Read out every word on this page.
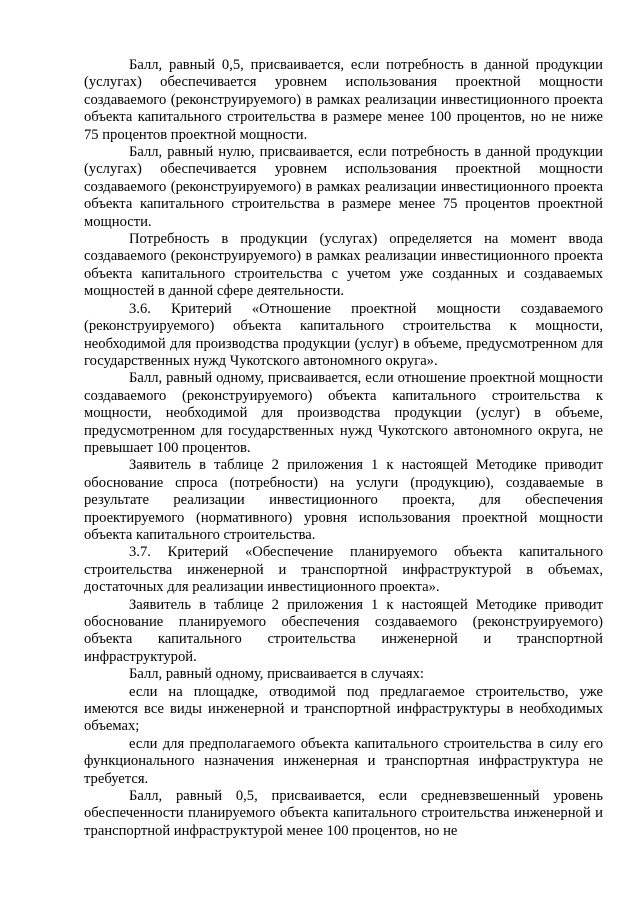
Балл, равный 0,5, присваивается, если потребность в данной продукции (услугах) обеспечивается уровнем использования проектной мощности создаваемого (реконструируемого) в рамках реализации инвестиционного проекта объекта капитального строительства в размере менее 100 процентов, но не ниже 75 процентов проектной мощности.

Балл, равный нулю, присваивается, если потребность в данной продукции (услугах) обеспечивается уровнем использования проектной мощности создаваемого (реконструируемого) в рамках реализации инвестиционного проекта объекта капитального строительства в размере менее 75 процентов проектной мощности.

Потребность в продукции (услугах) определяется на момент ввода создаваемого (реконструируемого) в рамках реализации инвестиционного проекта объекта капитального строительства с учетом уже созданных и создаваемых мощностей в данной сфере деятельности.

3.6. Критерий «Отношение проектной мощности создаваемого (реконструируемого) объекта капитального строительства к мощности, необходимой для производства продукции (услуг) в объеме, предусмотренном для государственных нужд Чукотского автономного округа».

Балл, равный одному, присваивается, если отношение проектной мощности создаваемого (реконструируемого) объекта капитального строительства к мощности, необходимой для производства продукции (услуг) в объеме, предусмотренном для государственных нужд Чукотского автономного округа, не превышает 100 процентов.

Заявитель в таблице 2 приложения 1 к настоящей Методике приводит обоснование спроса (потребности) на услуги (продукцию), создаваемые в результате реализации инвестиционного проекта, для обеспечения проектируемого (нормативного) уровня использования проектной мощности объекта капитального строительства.

3.7. Критерий «Обеспечение планируемого объекта капитального строительства инженерной и транспортной инфраструктурой в объемах, достаточных для реализации инвестиционного проекта».

Заявитель в таблице 2 приложения 1 к настоящей Методике приводит обоснование планируемого обеспечения создаваемого (реконструируемого) объекта капитального строительства инженерной и транспортной инфраструктурой.

Балл, равный одному, присваивается в случаях:

если на площадке, отводимой под предлагаемое строительство, уже имеются все виды инженерной и транспортной инфраструктуры в необходимых объемах;

если для предполагаемого объекта капитального строительства в силу его функционального назначения инженерная и транспортная инфраструктура не требуется.

Балл, равный 0,5, присваивается, если средневзвешенный уровень обеспеченности планируемого объекта капитального строительства инженерной и транспортной инфраструктурой менее 100 процентов, но не
